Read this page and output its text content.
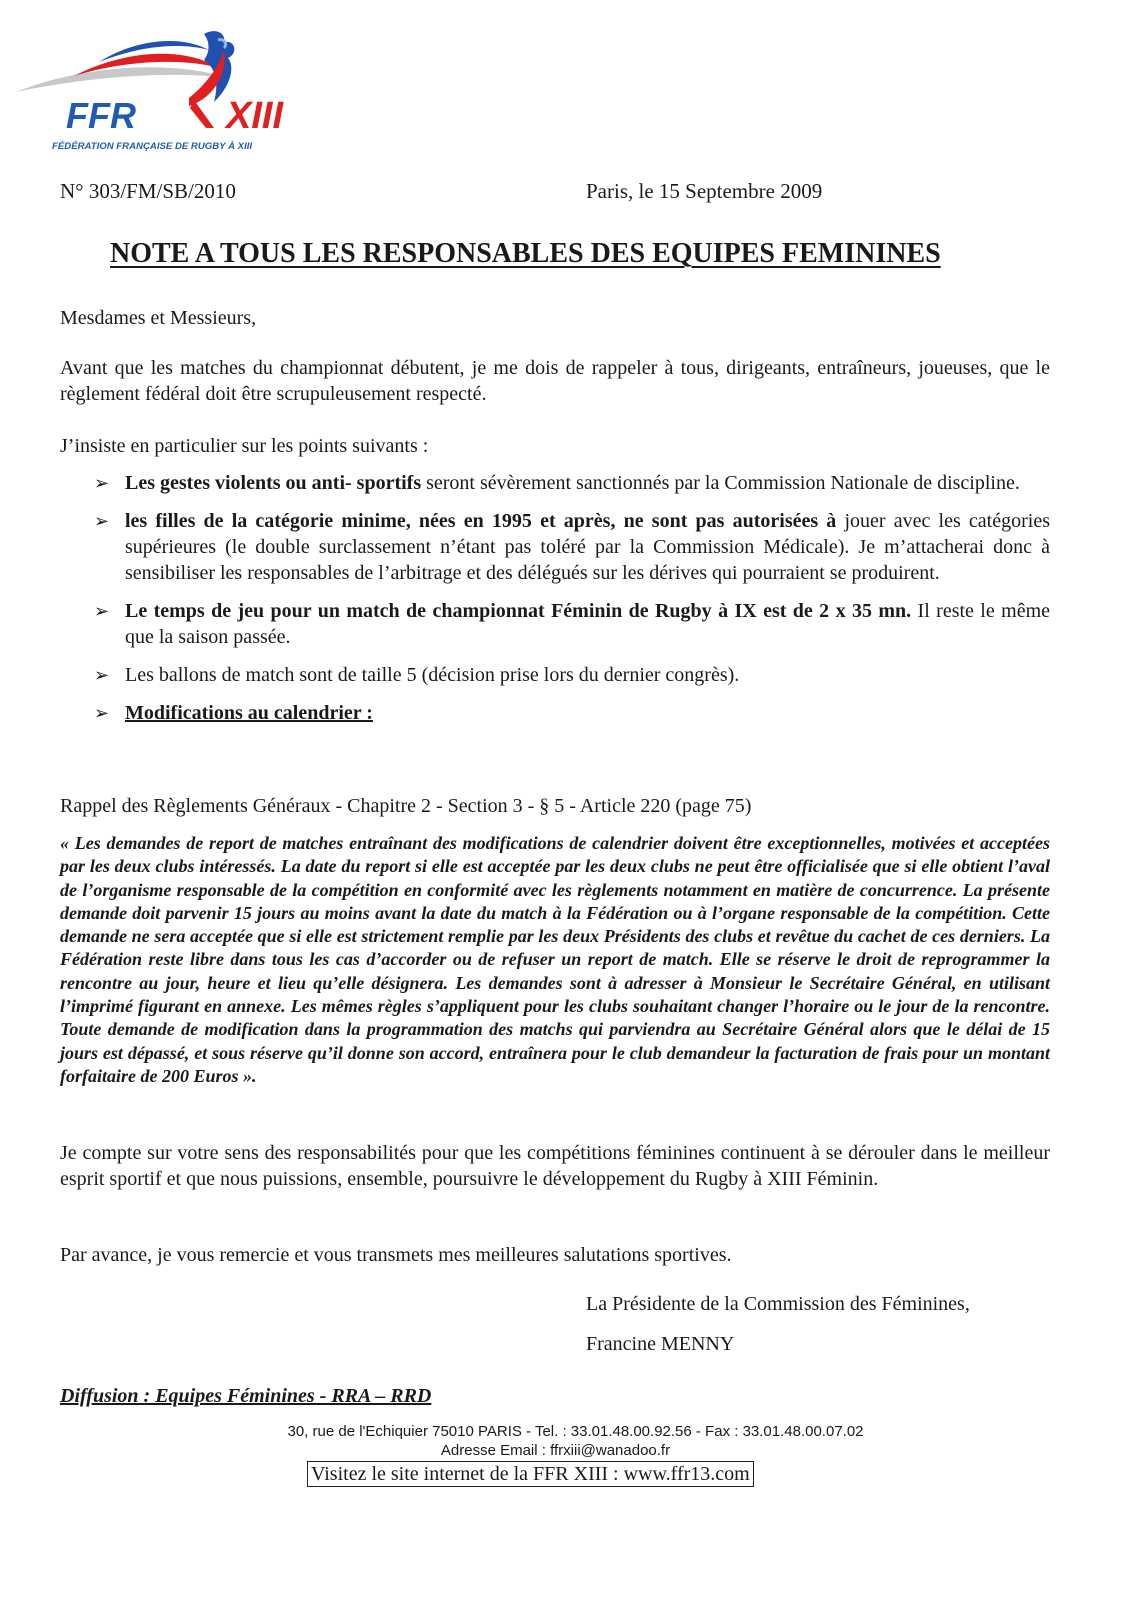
FFR XIII
FÉDÉRATION FRANÇAISE DE RUGBY À XIII
N° 303/FM/SB/2010	Paris, le 15 Septembre 2009
NOTE A TOUS LES RESPONSABLES DES EQUIPES FEMININES
Mesdames et Messieurs,
Avant que les matches du championnat débutent, je me dois de rappeler à tous, dirigeants, entraîneurs, joueuses, que le règlement fédéral doit être scrupuleusement respecté.
J’insiste en particulier sur les points suivants :
➢ Les gestes violents ou anti- sportifs seront sévèrement sanctionnés par la Commission Nationale de discipline.
➢ les filles de la catégorie minime, nées en 1995 et après, ne sont pas autorisées à jouer avec les catégories supérieures (le double surclassement n’étant pas toléré par la Commission Médicale). Je m’attacherai donc à sensibiliser les responsables de l’arbitrage et des délégués sur les dérives qui pourraient se produirent.
➢ Le temps de jeu pour un match de championnat Féminin de Rugby à IX est de 2 x 35 mn. Il reste le même que la saison passée.
➢ Les ballons de match sont de taille 5 (décision prise lors du dernier congrès).
➢ Modifications au calendrier :
Rappel des Règlements Généraux - Chapitre 2 - Section 3 - § 5 - Article 220 (page 75)
« Les demandes de report de matches entraînant des modifications de calendrier doivent être exceptionnelles, motivées et acceptées par les deux clubs intéressés. La date du report si elle est acceptée par les deux clubs ne peut être officialisée que si elle obtient l’aval de l’organisme responsable de la compétition en conformité avec les règlements notamment en matière de concurrence. La présente demande doit parvenir 15 jours au moins avant la date du match à la Fédération ou à l’organe responsable de la compétition. Cette demande ne sera acceptée que si elle est strictement remplie par les deux Présidents des clubs et revêtue du cachet de ces derniers. La Fédération reste libre dans tous les cas d’accorder ou de refuser un report de match. Elle se réserve le droit de reprogrammer la rencontre au jour, heure et lieu qu’elle désignera. Les demandes sont à adresser à Monsieur le Secrétaire Général, en utilisant l’imprimé figurant en annexe. Les mêmes règles s’appliquent pour les clubs souhaitant changer l’horaire ou le jour de la rencontre. Toute demande de modification dans la programmation des matchs qui parviendra au Secrétaire Général alors que le délai de 15 jours est dépassé, et sous réserve qu’il donne son accord, entraînera pour le club demandeur la facturation de frais pour un montant forfaitaire de 200 Euros ».
Je compte sur votre sens des responsabilités pour que les compétitions féminines continuent à se dérouler dans le meilleur esprit sportif et que nous puissions, ensemble, poursuivre le développement du Rugby à XIII Féminin.
Par avance, je vous remercie et vous transmets mes meilleures salutations sportives.
La Présidente de la Commission des Féminines,
Francine MENNY
Diffusion : Equipes Féminines - RRA – RRD
30, rue de l'Echiquier 75010 PARIS - Tel. : 33.01.48.00.92.56 - Fax : 33.01.48.00.07.02
Adresse Email : ffrxiii@wanadoo.fr
Visitez le site internet de la FFR XIII : www.ffr13.com
